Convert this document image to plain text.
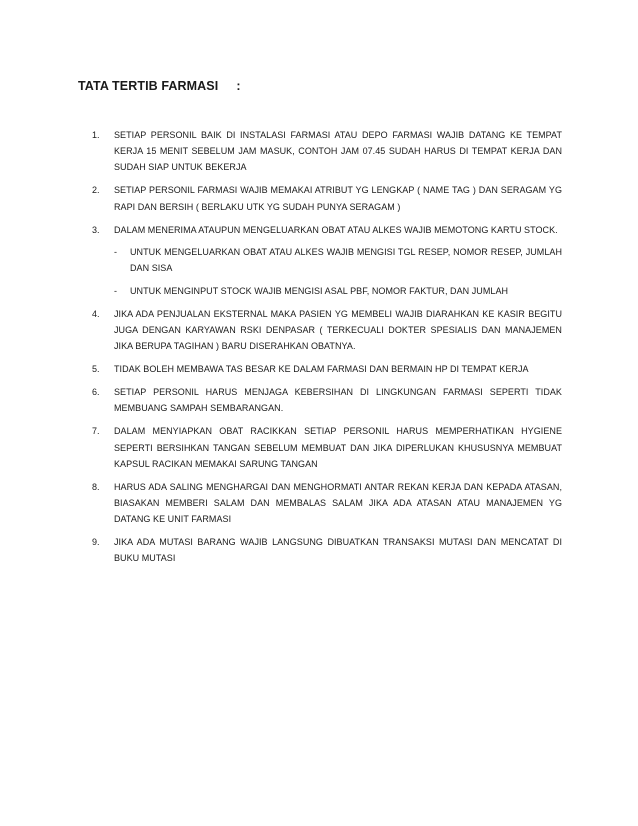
TATA TERTIB FARMASI :
1. SETIAP PERSONIL BAIK DI INSTALASI FARMASI ATAU DEPO FARMASI WAJIB DATANG KE TEMPAT KERJA 15 MENIT SEBELUM JAM MASUK, CONTOH JAM 07.45 SUDAH HARUS DI TEMPAT KERJA DAN SUDAH SIAP UNTUK BEKERJA
2. SETIAP PERSONIL FARMASI WAJIB MEMAKAI ATRIBUT YG LENGKAP ( NAME TAG ) DAN SERAGAM YG RAPI DAN BERSIH ( BERLAKU UTK YG SUDAH PUNYA SERAGAM )
3. DALAM MENERIMA ATAUPUN MENGELUARKAN OBAT ATAU ALKES WAJIB MEMOTONG KARTU STOCK.
- UNTUK MENGELUARKAN OBAT ATAU ALKES WAJIB MENGISI TGL RESEP, NOMOR RESEP, JUMLAH DAN SISA
- UNTUK MENGINPUT STOCK WAJIB MENGISI ASAL PBF, NOMOR FAKTUR, DAN JUMLAH
4. JIKA ADA PENJUALAN EKSTERNAL MAKA PASIEN YG MEMBELI WAJIB DIARAHKAN KE KASIR BEGITU JUGA DENGAN KARYAWAN RSKI DENPASAR ( TERKECUALI DOKTER SPESIALIS DAN MANAJEMEN JIKA BERUPA TAGIHAN ) BARU DISERAHKAN OBATNYA.
5. TIDAK BOLEH MEMBAWA TAS BESAR KE DALAM FARMASI DAN BERMAIN HP DI TEMPAT KERJA
6. SETIAP PERSONIL HARUS MENJAGA KEBERSIHAN DI LINGKUNGAN FARMASI SEPERTI TIDAK MEMBUANG SAMPAH SEMBARANGAN.
7. DALAM MENYIAPKAN OBAT RACIKKAN SETIAP PERSONIL HARUS MEMPERHATIKAN HYGIENE SEPERTI BERSIHKAN TANGAN SEBELUM MEMBUAT DAN JIKA DIPERLUKAN KHUSUSNYA MEMBUAT KAPSUL RACIKAN MEMAKAI SARUNG TANGAN
8. HARUS ADA SALING MENGHARGAI DAN MENGHORMATI ANTAR REKAN KERJA DAN KEPADA ATASAN, BIASAKAN MEMBERI SALAM DAN MEMBALAS SALAM JIKA ADA ATASAN ATAU MANAJEMEN YG DATANG KE UNIT FARMASI
9. JIKA ADA MUTASI BARANG WAJIB LANGSUNG DIBUATKAN TRANSAKSI MUTASI DAN MENCATAT DI BUKU MUTASI
